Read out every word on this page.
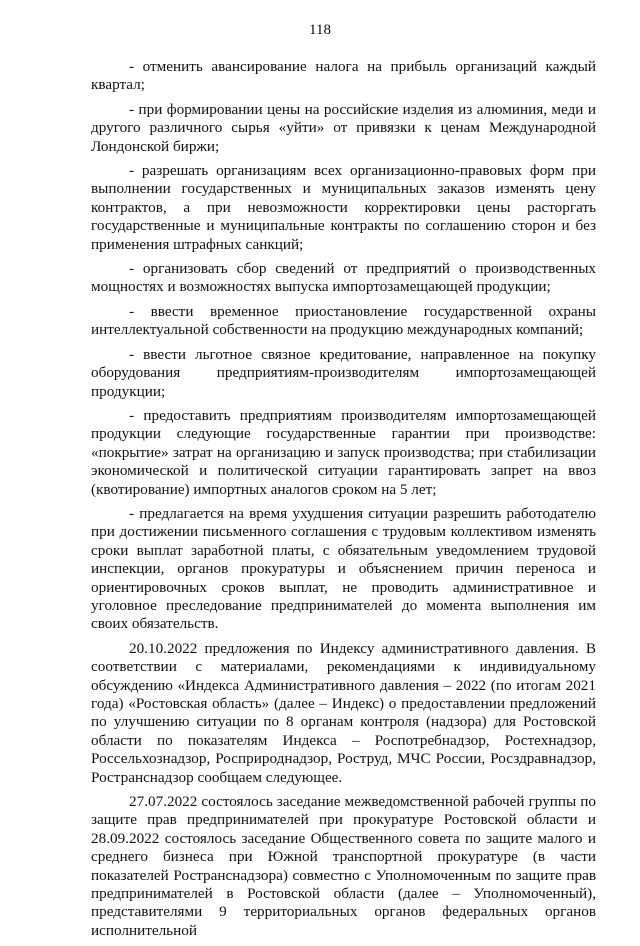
118

- отменить авансирование налога на прибыль организаций каждый квартал;

- при формировании цены на российские изделия из алюминия, меди и другого различного сырья «уйти» от привязки к ценам Международной Лондонской биржи;

- разрешать организациям всех организационно-правовых форм при выполнении государственных и муниципальных заказов изменять цену контрактов, а при невозможности корректировки цены расторгать государственные и муниципальные контракты по соглашению сторон и без применения штрафных санкций;

- организовать сбор сведений от предприятий о производственных мощностях и возможностях выпуска импортозамещающей продукции;

- ввести временное приостановление государственной охраны интеллектуальной собственности на продукцию международных компаний;

- ввести льготное связное кредитование, направленное на покупку оборудования предприятиям-производителям импортозамещающей продукции;

- предоставить предприятиям производителям импортозамещающей продукции следующие государственные гарантии при производстве: «покрытие» затрат на организацию и запуск производства; при стабилизации экономической и политической ситуации гарантировать запрет на ввоз (квотирование) импортных аналогов сроком на 5 лет;

- предлагается на время ухудшения ситуации разрешить работодателю при достижении письменного соглашения с трудовым коллективом изменять сроки выплат заработной платы, с обязательным уведомлением трудовой инспекции, органов прокуратуры и объяснением причин переноса и ориентировочных сроков выплат, не проводить административное и уголовное преследование предпринимателей до момента выполнения им своих обязательств.

20.10.2022 предложения по Индексу административного давления. В соответствии с материалами, рекомендациями к индивидуальному обсуждению «Индекса Административного давления – 2022 (по итогам 2021 года) «Ростовская область» (далее – Индекс) о предоставлении предложений по улучшению ситуации по 8 органам контроля (надзора) для Ростовской области по показателям Индекса – Роспотребнадзор, Ростехнадзор, Россельхознадзор, Росприроднадзор, Роструд, МЧС России, Росздравнадзор, Ространснадзор сообщаем следующее.

27.07.2022 состоялось заседание межведомственной рабочей группы по защите прав предпринимателей при прокуратуре Ростовской области и 28.09.2022 состоялось заседание Общественного совета по защите малого и среднего бизнеса при Южной транспортной прокуратуре (в части показателей Ространснадзора) совместно с Уполномоченным по защите прав предпринимателей в Ростовской области (далее – Уполномоченный), представителями 9 территориальных органов федеральных органов исполнительной
